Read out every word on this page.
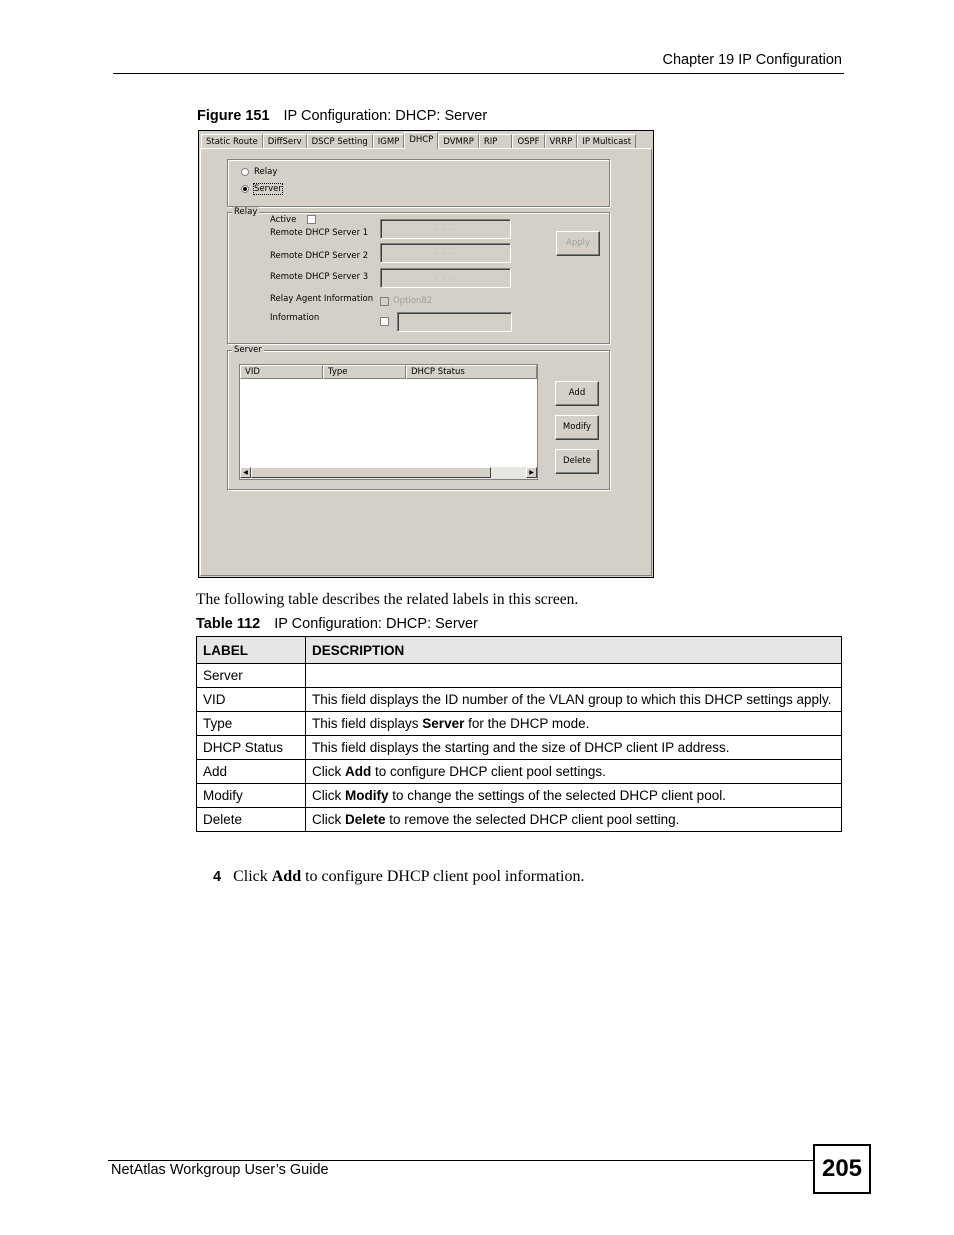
Chapter 19 IP Configuration
Figure 151 IP Configuration: DHCP: Server
Static Route	DiffServ	DSCP Setting	IGMP	DHCP	DVMRP	RIP	OSPF	VRRP	IP Multicast
Relay
Server
Relay
Active
Remote DHCP Server 1
. . .
Remote DHCP Server 2	. . .
Remote DHCP Server 3	. . .
Relay Agent Information Option82
Information
Apply
Server
VID	Type	DHCP Status
◀	▶
Add
Modify
Delete
The following table describes the related labels in this screen.
Table 112 IP Configuration: DHCP: Server
LABEL	DESCRIPTION
Server	
VID	This field displays the ID number of the VLAN group to which this DHCP settings apply.
Type	This field displays Server for the DHCP mode.
DHCP Status	This field displays the starting and the size of DHCP client IP address.
Add	Click Add to configure DHCP client pool settings.
Modify	Click Modify to change the settings of the selected DHCP client pool.
Delete	Click Delete to remove the selected DHCP client pool setting.
4 Click Add to configure DHCP client pool information.
NetAtlas Workgroup User’s Guide	205
